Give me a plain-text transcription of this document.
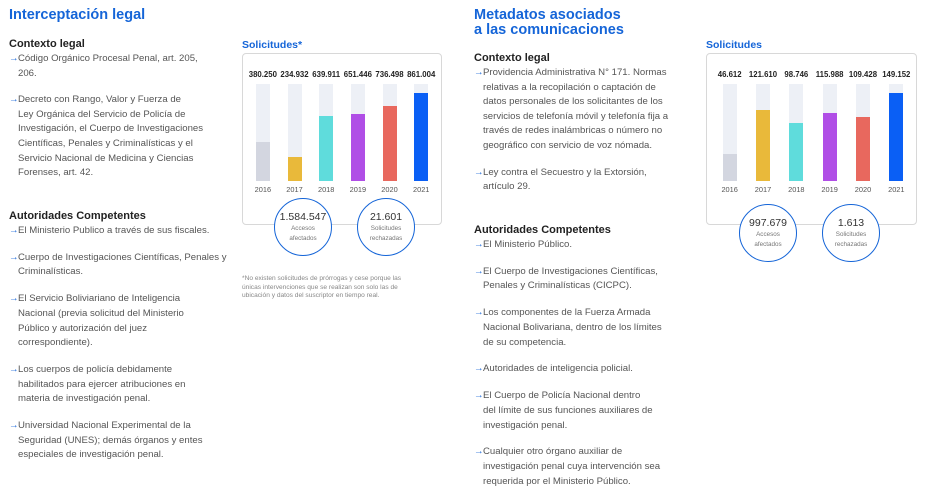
Interceptación legal
Contexto legal
→ Código Orgánico Procesal Penal, art. 205,
206.
→ Decreto con Rango, Valor y Fuerza de
Ley Orgánica del Servicio de Policía de
Investigación, el Cuerpo de Investigaciones
Científicas, Penales y Criminalísticas y el
Servicio Nacional de Medicina y Ciencias
Forenses, art. 42.
Autoridades Competentes
→ El Ministerio Publico a través de sus fiscales.
→ Cuerpo de Investigaciones Científicas, Penales y
Criminalísticas.
→ El Servicio Boliviariano de Inteligencia
Nacional (previa solicitud del Ministerio
Público y autorización del juez
correspondiente).
→ Los cuerpos de policía debidamente
habilitados para ejercer atribuciones en
materia de investigación penal.
→ Universidad Nacional Experimental de la
Seguridad (UNES); demás órganos y entes
especiales de investigación penal.
Solicitudes*
380.250 234.932 639.911 651.446 736.498 861.004
2016	2017	2018	2019	2020	2021
1.584.547
Accesos
afectados
21.601
Solicitudes
rechazadas
*No existen solicitudes de prórrogas y cese porque las
únicas intervenciones que se realizan son solo las de
ubicación y datos del suscriptor en tiempo real.
Metadatos asociados
a las comunicaciones
Contexto legal
→ Providencia Administrativa N° 171. Normas
relativas a la recopilación o captación de
datos personales de los solicitantes de los
servicios de telefonía móvil y telefonía fija a
través de redes inalámbricas o número no
geográfico con servicio de voz nómada.
→ Ley contra el Secuestro y la Extorsión,
artículo 29.
Autoridades Competentes
→ El Ministerio Público.
→ El Cuerpo de Investigaciones Científicas,
Penales y Criminalísticas (CICPC).
→ Los componentes de la Fuerza Armada
Nacional Bolivariana, dentro de los límites
de su competencia.
→ Autoridades de inteligencia policial.
→ El Cuerpo de Policía Nacional dentro
del límite de sus funciones auxiliares de
investigación penal.
→ Cualquier otro órgano auxiliar de
investigación penal cuya intervención sea
requerida por el Ministerio Público.
Solicitudes
46.612 121.610 98.746 115.988 109.428 149.152
2016	2017	2018	2019	2020	2021
997.679
Accesos
afectados
1.613
Solicitudes
rechazadas
